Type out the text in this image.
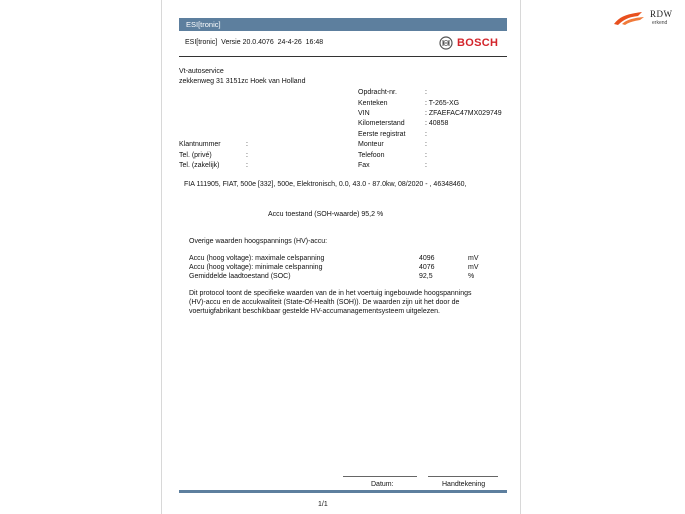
RDW
erkend
ESI[tronic]
ESI[tronic]  Versie 20.0.4076  24-4-26  16:48	BOSCH
Vt-autoservice
zekkenweg 31 3151zc Hoek van Holland
Opdracht-nr.	:
Kenteken	: T-265-XG
VIN	: ZFAEFAC47MX029749
Kilometerstand	: 40858
Eerste registrat	:
Monteur	:
Telefoon	:
Fax	:
Klantnummer	:
Tel. (privé)	:
Tel. (zakelijk)	:
FIA 111905, FIAT, 500e [332], 500e, Elektronisch, 0.0, 43.0 - 87.0kw, 08/2020 - , 46348460,
Accu toestand (SOH-waarde) 95,2 %
Overige waarden hoogspannings (HV)-accu:
Accu (hoog voltage): maximale celspanning	4096	mV
Accu (hoog voltage): minimale celspanning	4076	mV
Gemiddelde laadtoestand (SOC)	92,5	%
Dit protocol toont de specifieke waarden van de in het voertuig ingebouwde hoogspannings
(HV)-accu en de accukwaliteit (State-Of-Health (SOH)). De waarden zijn uit het door de
voertuigfabrikant beschikbaar gestelde HV-accumanagementsysteem uitgelezen.
Datum:	Handtekening
1/1
